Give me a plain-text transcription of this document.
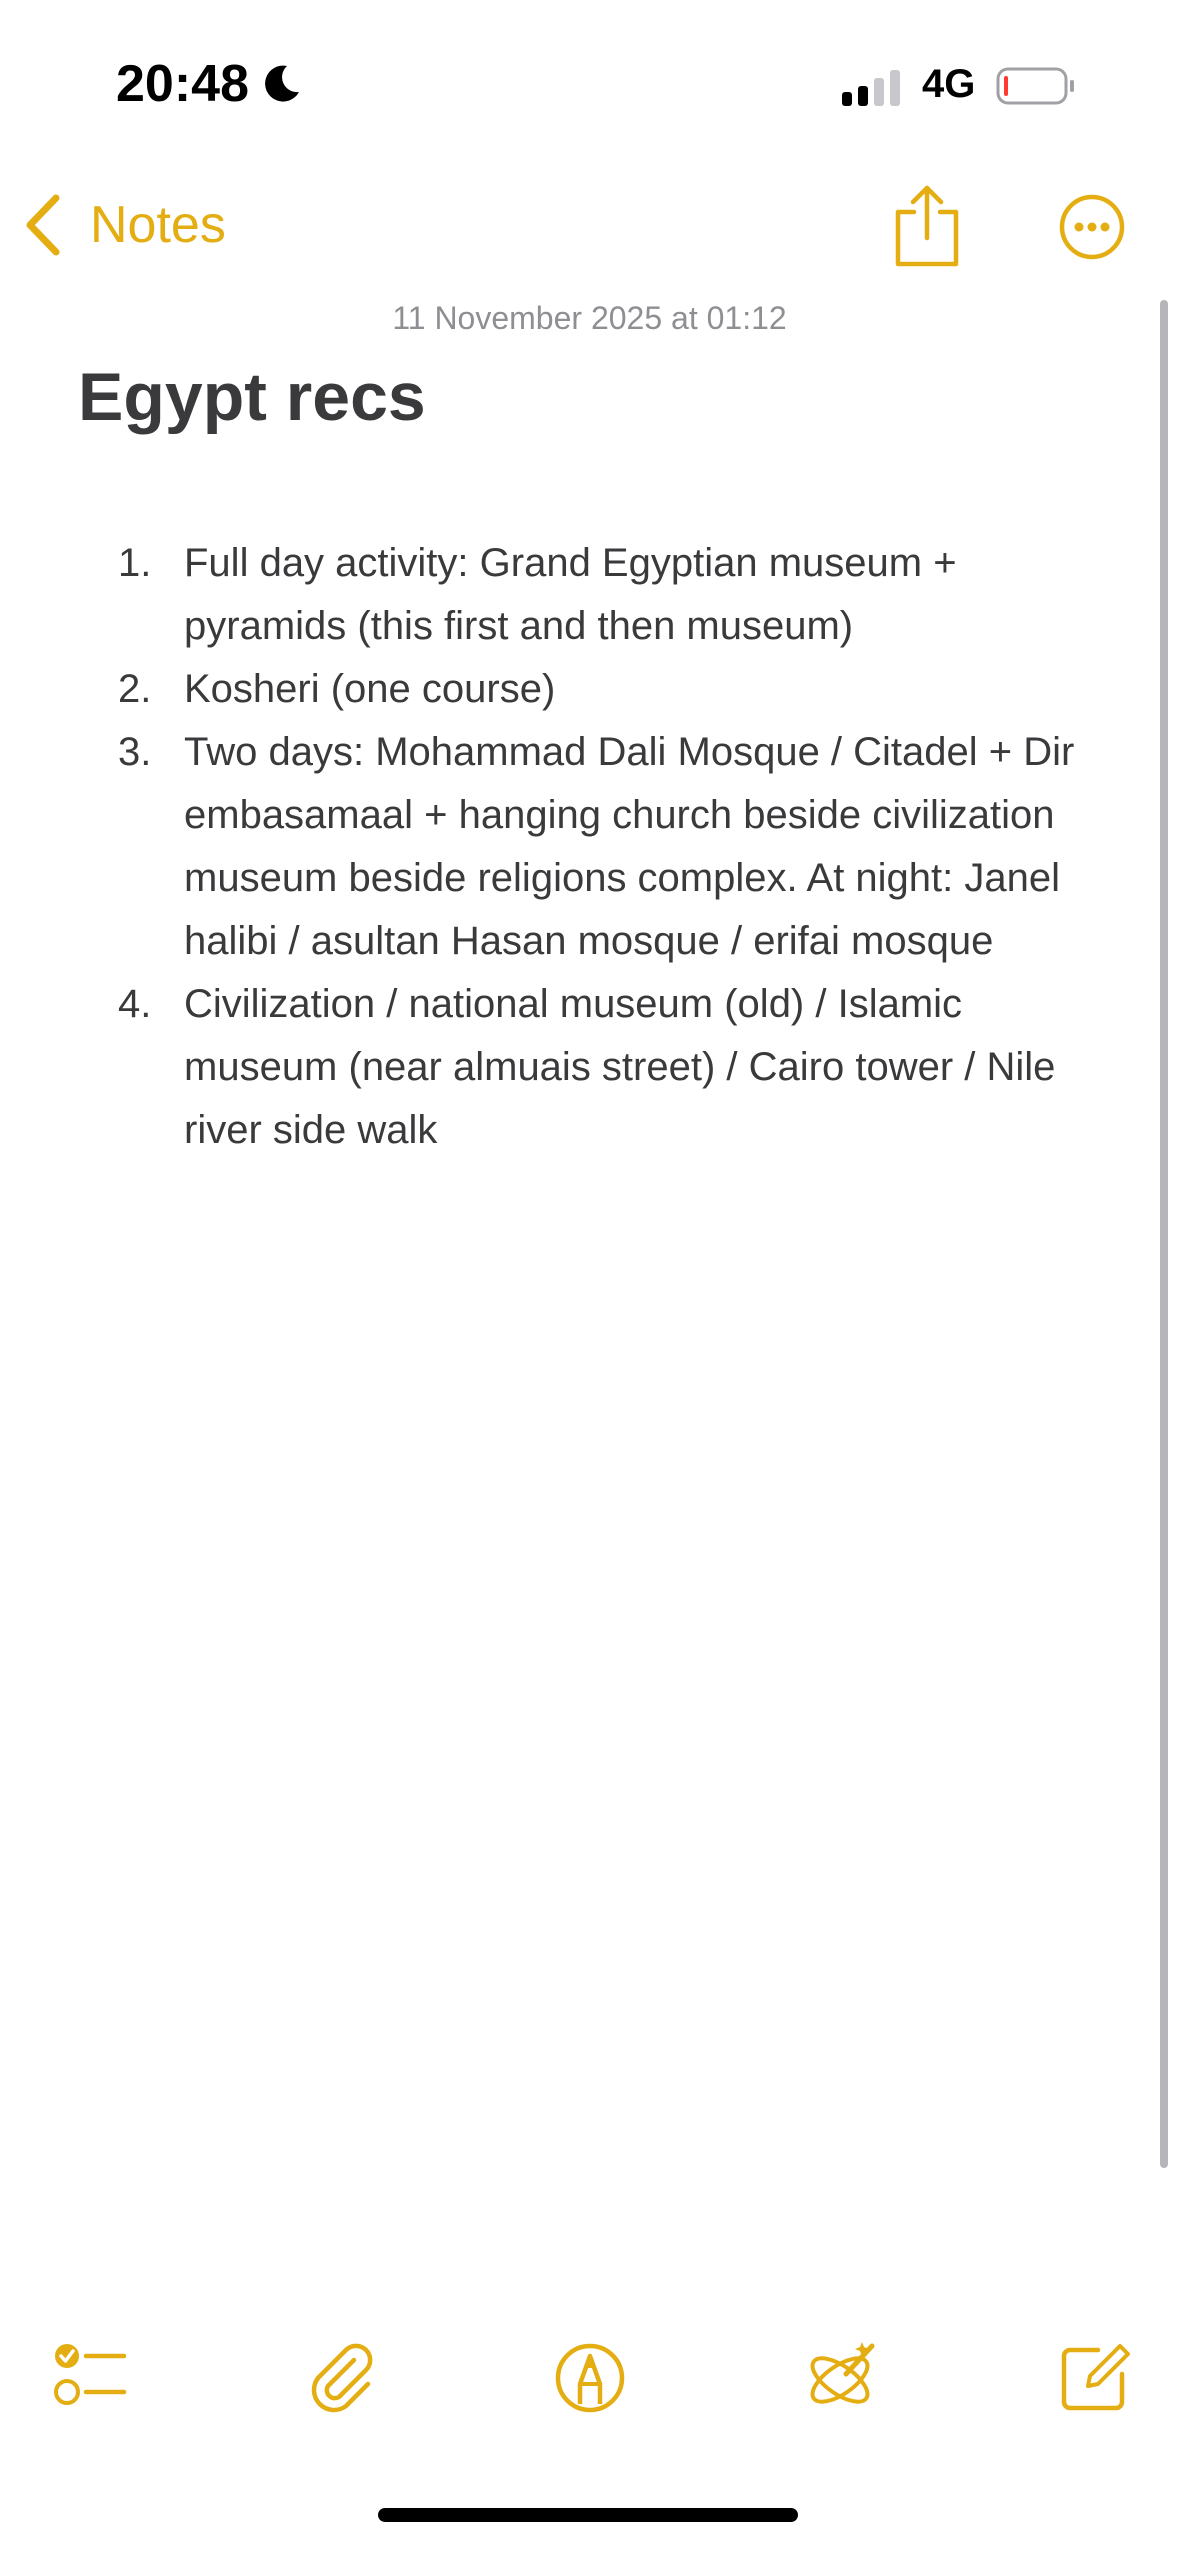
20:48	4G
Notes
11 November 2025 at 01:12
Egypt recs
1. Full day activity: Grand Egyptian museum + pyramids (this first and then museum)
2. Kosheri (one course)
3. Two days: Mohammad Dali Mosque / Citadel + Dir embasamaal + hanging church beside civilization museum beside religions complex. At night: Janel halibi / asultan Hasan mosque / erifai mosque
4. Civilization / national museum (old) / Islamic museum (near almuais street) / Cairo tower / Nile river side walk
